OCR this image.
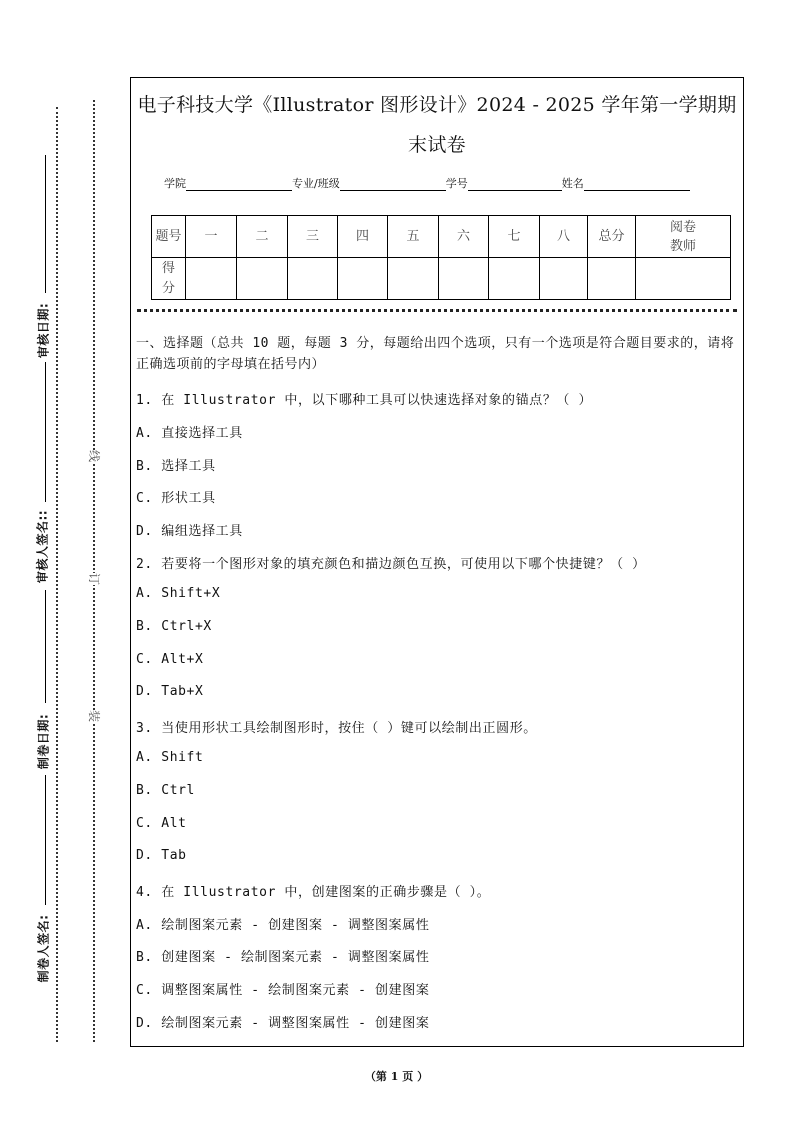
审核日期:
审核人签名::
制卷日期:
制卷人签名:
线
订
装
电子科技大学《Illustrator 图形设计》2024 - 2025 学年第一学期期
末试卷
学院	专业/班级	学号	姓名
题号	一	二	三	四	五	六	七	八	总分	阅卷教师
得分										
一、选择题（总共 10 题，每题 3 分，每题给出四个选项，只有一个选项是符合题目要求的，请将正确选项前的字母填在括号内）
1. 在 Illustrator 中，以下哪种工具可以快速选择对象的锚点？（ ）
A. 直接选择工具
B. 选择工具
C. 形状工具
D. 编组选择工具
2. 若要将一个图形对象的填充颜色和描边颜色互换，可使用以下哪个快捷键？（ ）
A. Shift+X
B. Ctrl+X
C. Alt+X
D. Tab+X
3. 当使用形状工具绘制图形时，按住（ ）键可以绘制出正圆形。
A. Shift
B. Ctrl
C. Alt
D. Tab
4. 在 Illustrator 中，创建图案的正确步骤是（ ）。
A. 绘制图案元素 - 创建图案 - 调整图案属性
B. 创建图案 - 绘制图案元素 - 调整图案属性
C. 调整图案属性 - 绘制图案元素 - 创建图案
D. 绘制图案元素 - 调整图案属性 - 创建图案
（第 1 页 ）
